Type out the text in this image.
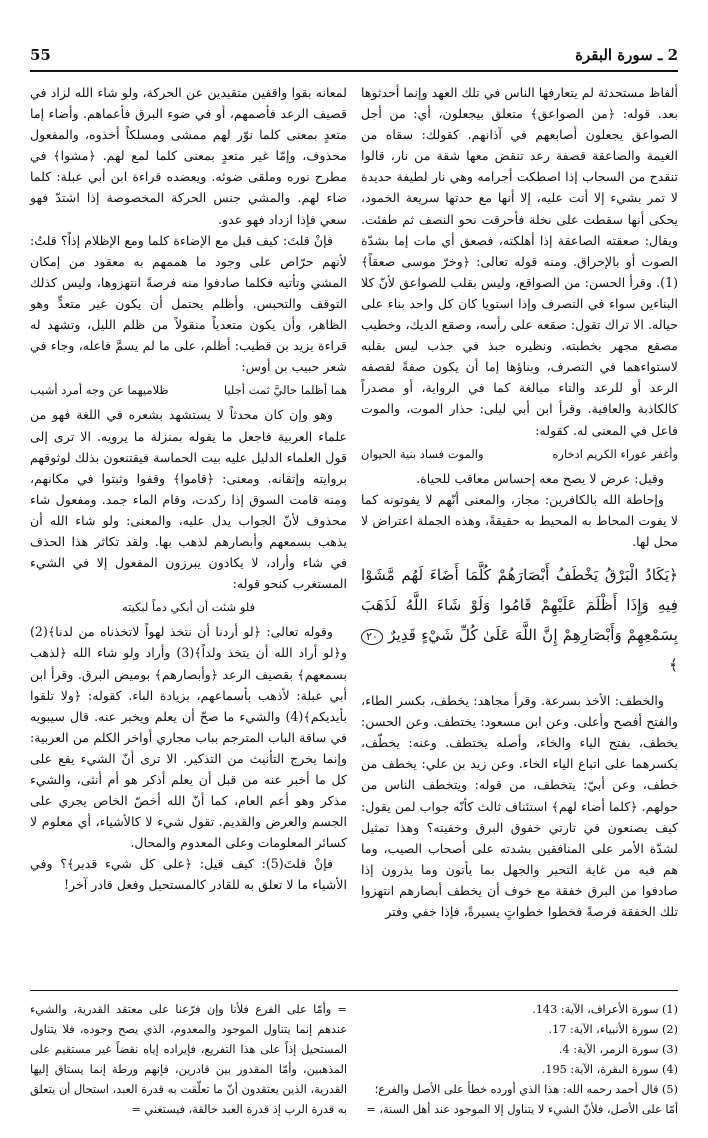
55	2 ـ سورة البقرة

ألفاظ مستحدثة لم يتعارفها الناس في تلك العهد وإنما أحدثوها بعد. قوله: ﴿من الصواعق﴾ متعلق بيجعلون، أي: من أجل الصواعق يجعلون أصابعهم في آذانهم. كقولك: سقاه من الغيمة والصاعقة قصفة رعد تنقض معها شقة من نار، قالوا تنقدح من السحاب إذا اصطكت أجرامه وهي نار لطيفة حديدة لا تمر بشيء إلا أتت عليه، إلا أنها مع حدتها سريعة الخمود، يحكى أنها سقطت على نخلة فأحرقت نحو النصف ثم طفئت. ويقال: صعقته الصاعقة إذا أهلكته، فصعق أي مات إما بشدّة الصوت أو بالإحراق. ومنه قوله تعالى: ﴿وخرّ موسى صعقاً﴾(1). وقرأ الحسن: من الصواقع، وليس بقلب للصواعق لأنّ كلا البناءين سواء في التصرف وإذا استويا كان كل واحد بناء على حياله. الا تراك تقول: صقعه على رأسه، وصقع الديك، وخطيب مصقع مجهر بخطبته. ونظيره جبذ في جذب ليس بقلبه لاستواءهما في التصرف، وبناؤها إما أن يكون صفةً لقصفه الرعد أو للرعد والتاء مبالغة كما في الرواية، أو مصدراً كالكاذبة والعافية. وقرأ ابن أبي ليلى: حذار الموت، والموت فاعل في المعنى له. كقوله:

وأغفر عوراء الكريم ادخاره
والموت فساد بنية الحيوان

وقيل: عرض لا يصح معه إحساس معاقب للحياة.

وإحاطة الله بالكافرين: مجاز، والمعنى أنّهم لا يفوتونه كما لا يفوت المحاط به المحيط به حقيقةً، وهذه الجملة اعتراض لا محل لها.

﴿يَكَادُ الْبَرْقُ يَخْطَفُ أَبْصَارَهُمْ كُلَّمَا أَضَاءَ لَهُم مَّشَوْا فِيهِ وَإِذَا أَظْلَمَ عَلَيْهِمْ قَامُوا وَلَوْ شَاءَ اللَّهُ لَذَهَبَ بِسَمْعِهِمْ وَأَبْصَارِهِمْ إِنَّ اللَّهَ عَلَىٰ كُلِّ شَيْءٍ قَدِيرٌ ٢٠﴾

والخطف: الأخذ بسرعة. وقرأ مجاهد: يخطف، بكسر الطاء، والفتح أفصح وأعلى. وعن ابن مسعود: يختطف. وعن الحسن: يخطف، بفتح الياء والخاء، وأصله يختطف. وعنه: يخطّف، بكسرهما على اتباع الياء الخاء. وعن زيد بن علي: يخطف من خطف، وعن أبيّ: يتخطف، من قوله: ويتخطف الناس من حولهم. ﴿كلما أضاء لهم﴾ استئناف ثالث كأنّه جواب لمن يقول: كيف يصنعون في تارتي خفوق البرق وخفيته؟ وهذا تمثيل لشدّة الأمر على المنافقين بشدته على أصحاب الصيب، وما هم فيه من غاية التحير والجهل بما يأتون وما يذرون إذا صادفوا من البرق خفقة مع خوف أن يخطف أبصارهم انتهزوا تلك الخفقة فرصةً فخطوا خطواتٍ يسيرةً، فإذا خفي وفتر

لمعانه بقوا واقفين متقيدين عن الحركة، ولو شاء الله لزاد في قصيف الرعد فأصمهم، أو في ضوء البرق فأعماهم. وأضاء إما متعدٍ بمعنى كلما نوّر لهم ممشى ومسلكاً أخذوه، والمفعول محذوف، وإمّا غير متعدٍ بمعنى كلما لمع لهم. ﴿مشوا﴾ في مطرح نوره وملقى ضوئه. ويعضده قراءة ابن أبي عبلة: كلما ضاء لهم. والمشي جنس الحركة المخصوصة إذا اشتدّ فهو سعي فإذا ازداد فهو عدو.

فإنْ قلتَ: كيف قبل مع الإضاءة كلما ومع الإظلام إذاً؟ قلتُ: لأنهم حرّاص على وجود ما هممهم به معقود من إمكان المشي وتأتيه فكلما صادفوا منه فرصةً انتهزوها، وليس كذلك التوقف والتحبس. وأظلم يحتمل أن يكون غير متعدٍّ وهو الظاهر، وأن يكون متعدياً منقولاً من ظلم الليل، وتشهد له قراءة يزيد بن قطيب: أظلم، على ما لم يسمَّ فاعله، وجاء في شعر حبيب بن أوس:

هما أظلما حاليَّ ثمت أجليا
ظلاميهما عن وجه أمرد أشيب

وهو وإن كان محدثاً لا يستشهد بشعره في اللغة فهو من علماء العربية فاجعل ما يقوله بمنزلة ما يرويه. الا ترى إلى قول العلماء الدليل عليه بيت الحماسة فيقتنعون بذلك لوثوقهم بروايته وإتقانه. ومعنى: ﴿قاموا﴾ وقفوا وثبتوا في مكانهم، ومنه قامت السوق إذا ركدت، وقام الماء جمد. ومفعول شاء محذوف لأنّ الجواب يدل عليه، والمعنى: ولو شاء الله أن يذهب بسمعهم وأبصارهم لذهب بها. ولقد تكاثر هذا الحذف في شاء وأراد، لا يكادون يبرزون المفعول إلا في الشيء المستغرب كنحو قوله:

فلو شئت أن أبكي دماً لبكيته

وقوله تعالى: ﴿لو أردنا أن نتخذ لهواً لاتخذناه من لدنا﴾(2) و﴿لو أراد الله أن يتخذ ولداً﴾(3) وأراد ولو شاء الله ﴿لذهب بسمعهم﴾ بقصيف الرعد ﴿وأبصارهم﴾ بوميض البرق. وقرأ ابن أبي عبلة: لأذهب بأسماعهم، بزيادة الباء. كقوله: ﴿ولا تلقوا بأيديكم﴾(4) والشيء ما صحّ أن يعلم ويخبر عنه. قال سيبويه في ساقة الباب المترجم بباب مجاري أواخر الكلم من العربية: وإنما يخرج التأنيث من التذكير. الا ترى أنّ الشيء يقع على كل ما أخبر عنه من قبل أن يعلم أذكر هو أم أنثى، والشيء مذكر وهو أعم العام، كما أنّ الله أخصّ الخاص يجري على الجسم والعرض والقديم. تقول شيء لا كالأشياء، أي معلوم لا كسائر المعلومات وعلى المعدوم والمحال.

فإنْ قلتَ(5): كيف قيل: ﴿على كل شيء قدير﴾؟ وفي الأشياء ما لا تعلق به للقادر كالمستحيل وفعل قادر آخر!

(1) سورة الأعراف، الآية: 143.
(2) سورة الأنبياء، الآية: 17.
(3) سورة الزمر، الآية: 4.
(4) سورة البقرة، الآية: 195.
(5) قال أحمد رحمه الله: هذا الذي أورده خطأ على الأصل والفرع؛ أمّا على الأصل، فلأنّ الشيء لا يتناول إلا الموجود عند أهل السنة، =
= وأمّا على الفرع فلأنا وإن فرّعنا على معتقد القدرية، والشيء عندهم إنما يتناول الموجود والمعدوم، الذي يصح وجوده، فلا يتناول المستحيل إذاً على هذا التفريع، فإيراده إياه نقضاً غير مستقيم على المذهبين، وأمّا المقدور بين قادرين، فإنهم ورطة إنما يستاق إليها القدرية، الذين يعتقدون أنّ ما تعلّقت به قدرة العبد، استحال أن يتعلق به قدرة الرب إذ قدرة العبد خالقة، فيستغني =
